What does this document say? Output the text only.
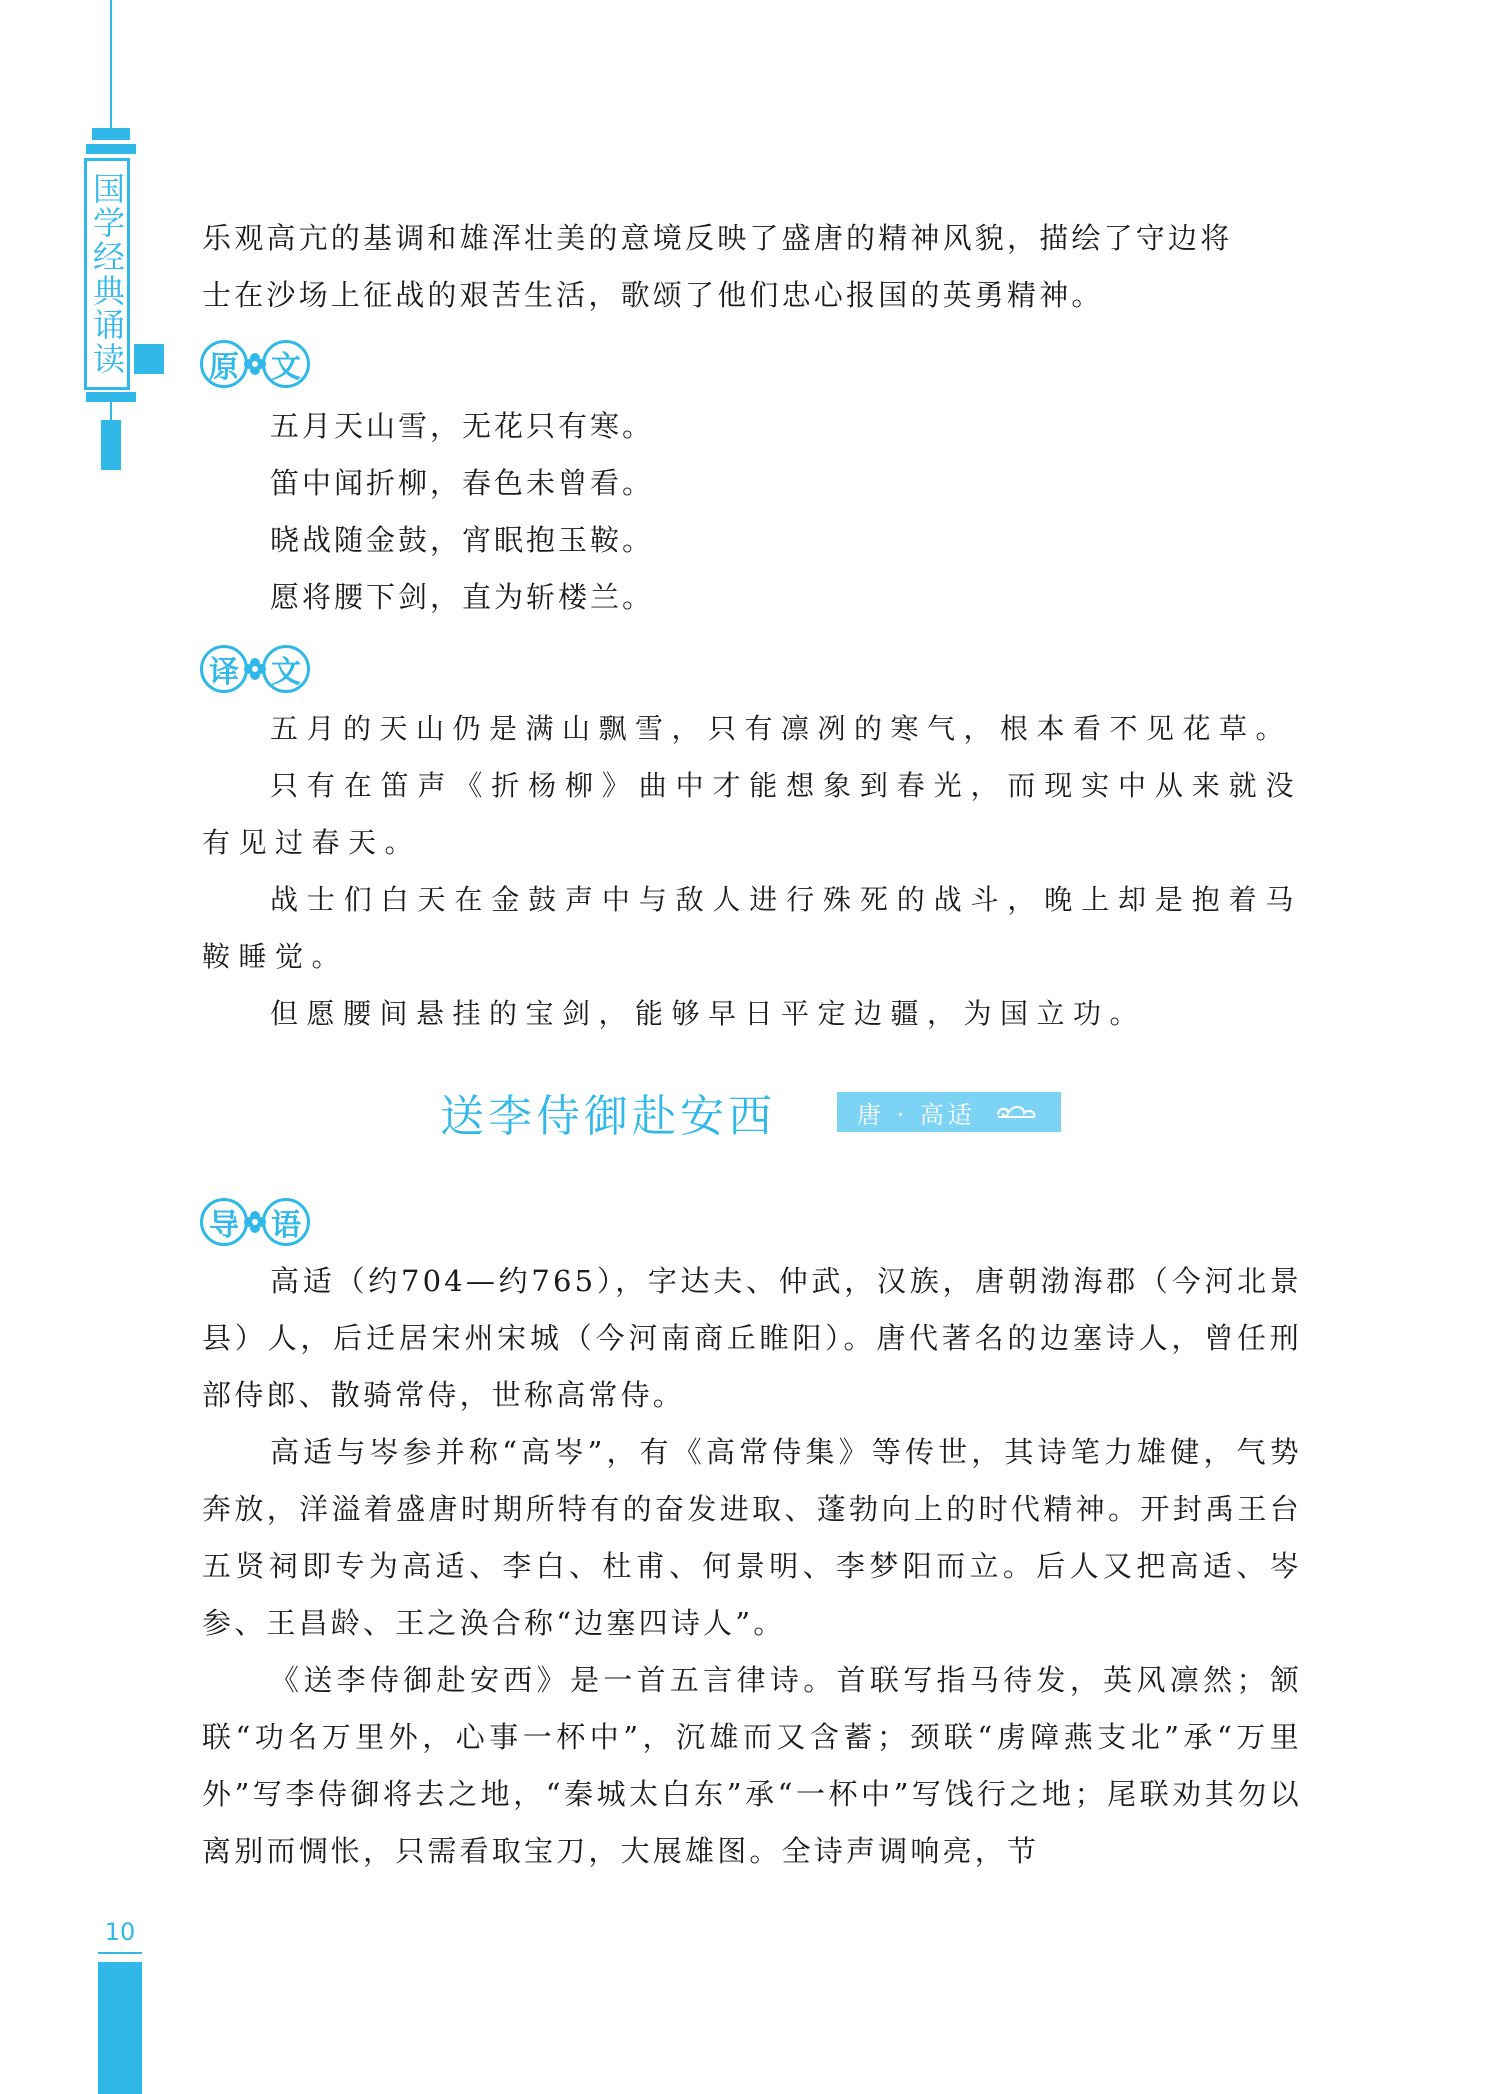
国学经典诵读	乐观高亢的基调和雄浑壮美的意境反映了盛唐的精神风貌，描绘了守边将

士在沙场上征战的艰苦生活，歌颂了他们忠心报国的英勇精神。

原	文

五月天山雪，无花只有寒。

笛中闻折柳，春色未曾看。

晓战随金鼓，宵眠抱玉鞍。

愿将腰下剑，直为斩楼兰。

译	文

五月的天山仍是满山飘雪，只有凛冽的寒气，根本看不见花草。

只有在笛声《折杨柳》曲中才能想象到春光，而现实中从来就没有见过春天。

战士们白天在金鼓声中与敌人进行殊死的战斗，晚上却是抱着马鞍睡觉。

但愿腰间悬挂的宝剑，能够早日平定边疆，为国立功。

送李侍御赴安西	唐 · 高适
导	语

高适（约704—约765），字达夫、仲武，汉族，唐朝渤海郡（今河北景县）人，后迁居宋州宋城（今河南商丘睢阳）。唐代著名的边塞诗人，曾任刑部侍郎、散骑常侍，世称高常侍。

高适与岑参并称“高岑”，有《高常侍集》等传世，其诗笔力雄健，气势奔放，洋溢着盛唐时期所特有的奋发进取、蓬勃向上的时代精神。开封禹王台五贤祠即专为高适、李白、杜甫、何景明、李梦阳而立。后人又把高适、岑参、王昌龄、王之涣合称“边塞四诗人”。

《送李侍御赴安西》是一首五言律诗。首联写指马待发，英风凛然；颔联“功名万里外，心事一杯中”，沉雄而又含蓄；颈联“虏障燕支北”承“万里外”写李侍御将去之地，“秦城太白东”承“一杯中”写饯行之地；尾联劝其勿以离别而惆怅，只需看取宝刀，大展雄图。全诗声调响亮，节

10
